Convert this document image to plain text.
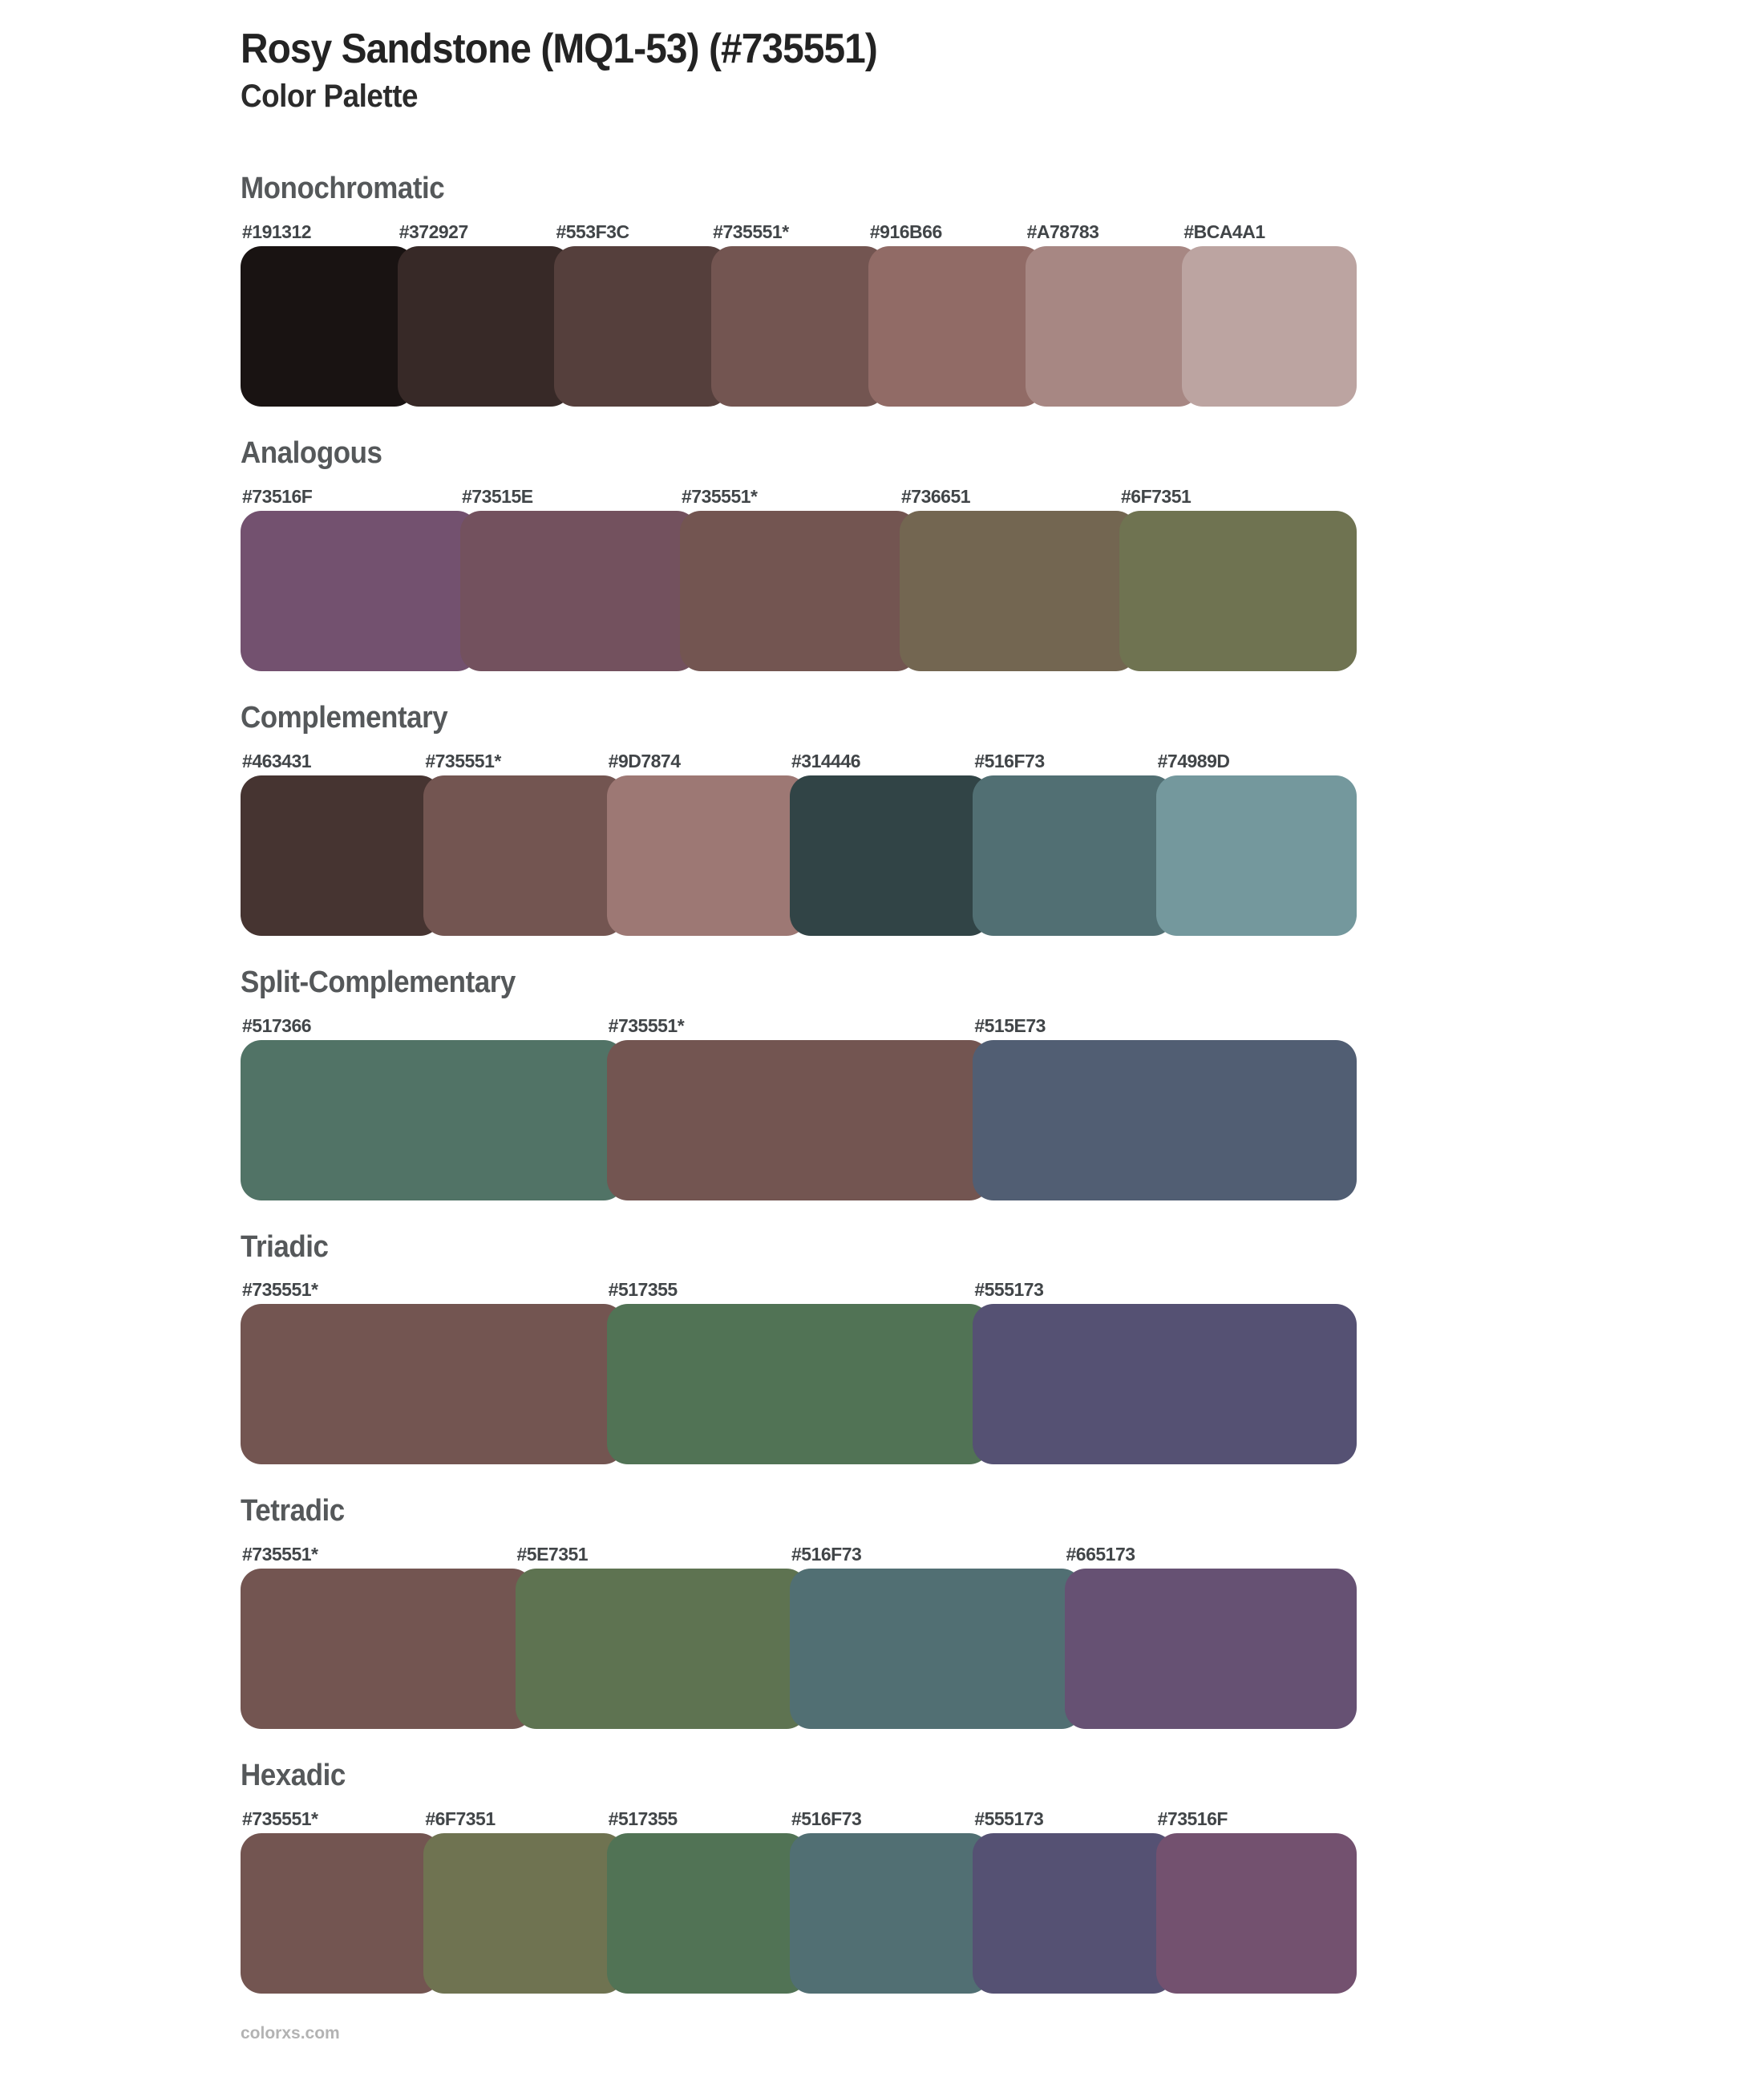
Rosy Sandstone (MQ1-53) (#735551)
Color Palette
Monochromatic
#191312	#372927	#553F3C	#735551*	#916B66	#A78783	#BCA4A1
Analogous
#73516F	#73515E	#735551*	#736651	#6F7351
Complementary
#463431	#735551*	#9D7874	#314446	#516F73	#74989D
Split-Complementary
#517366	#735551*	#515E73
Triadic
#735551*	#517355	#555173
Tetradic
#735551*	#5E7351	#516F73	#665173
Hexadic
#735551*	#6F7351	#517355	#516F73	#555173	#73516F
colorxs.com
